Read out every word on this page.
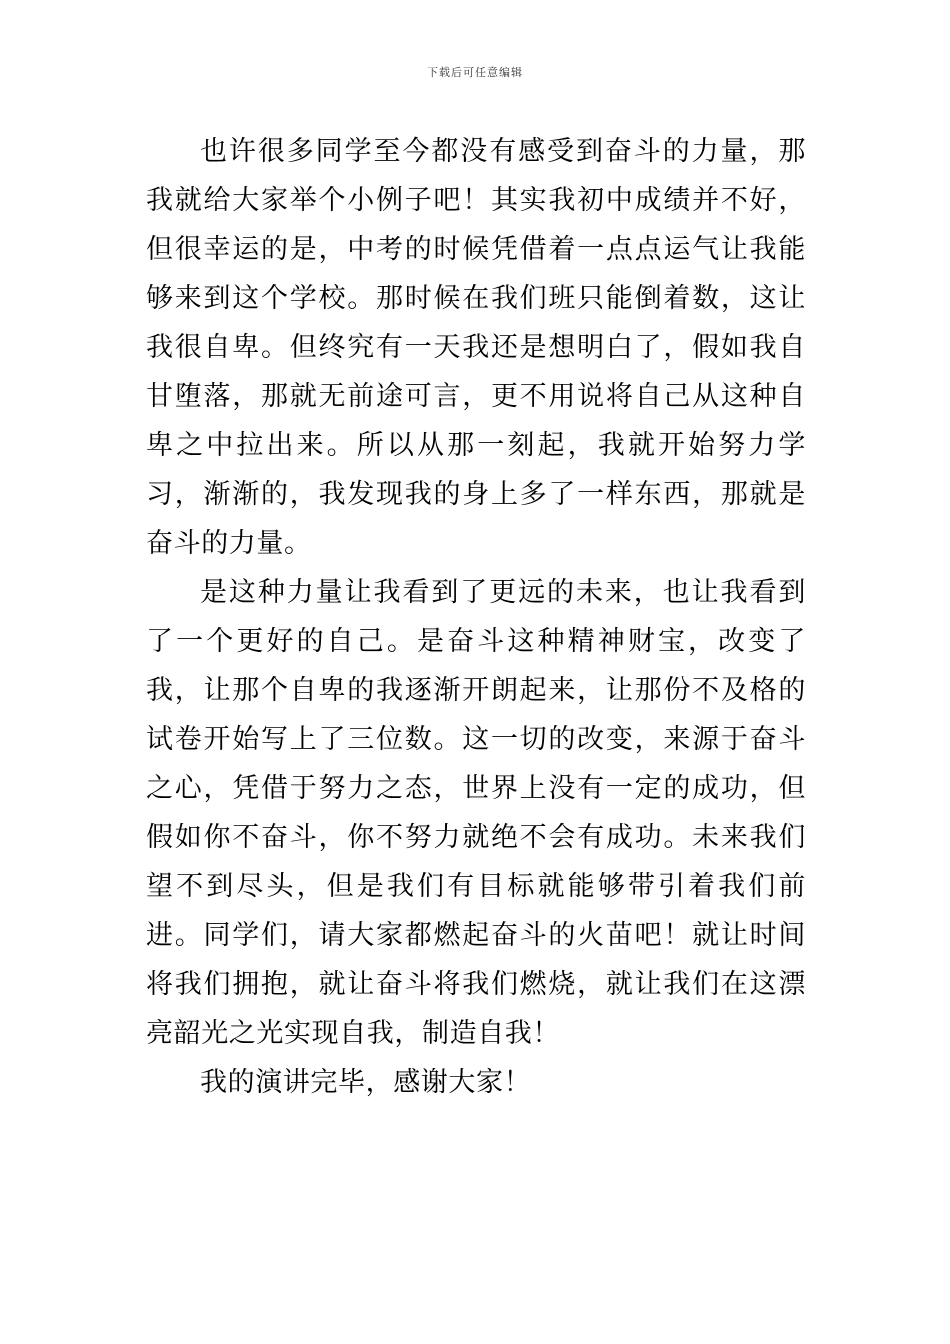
下载后可任意编辑

也许很多同学至今都没有感受到奋斗的力量，那我就给大家举个小例子吧！其实我初中成绩并不好，但很幸运的是，中考的时候凭借着一点点运气让我能够来到这个学校。那时候在我们班只能倒着数，这让我很自卑。但终究有一天我还是想明白了，假如我自甘堕落，那就无前途可言，更不用说将自己从这种自卑之中拉出来。所以从那一刻起，我就开始努力学习，渐渐的，我发现我的身上多了一样东西，那就是奋斗的力量。

是这种力量让我看到了更远的未来，也让我看到了一个更好的自己。是奋斗这种精神财宝，改变了我，让那个自卑的我逐渐开朗起来，让那份不及格的试卷开始写上了三位数。这一切的改变，来源于奋斗之心，凭借于努力之态，世界上没有一定的成功，但假如你不奋斗，你不努力就绝不会有成功。未来我们望不到尽头，但是我们有目标就能够带引着我们前进。同学们，请大家都燃起奋斗的火苗吧！就让时间将我们拥抱，就让奋斗将我们燃烧，就让我们在这漂亮韶光之光实现自我，制造自我！

我的演讲完毕，感谢大家！
